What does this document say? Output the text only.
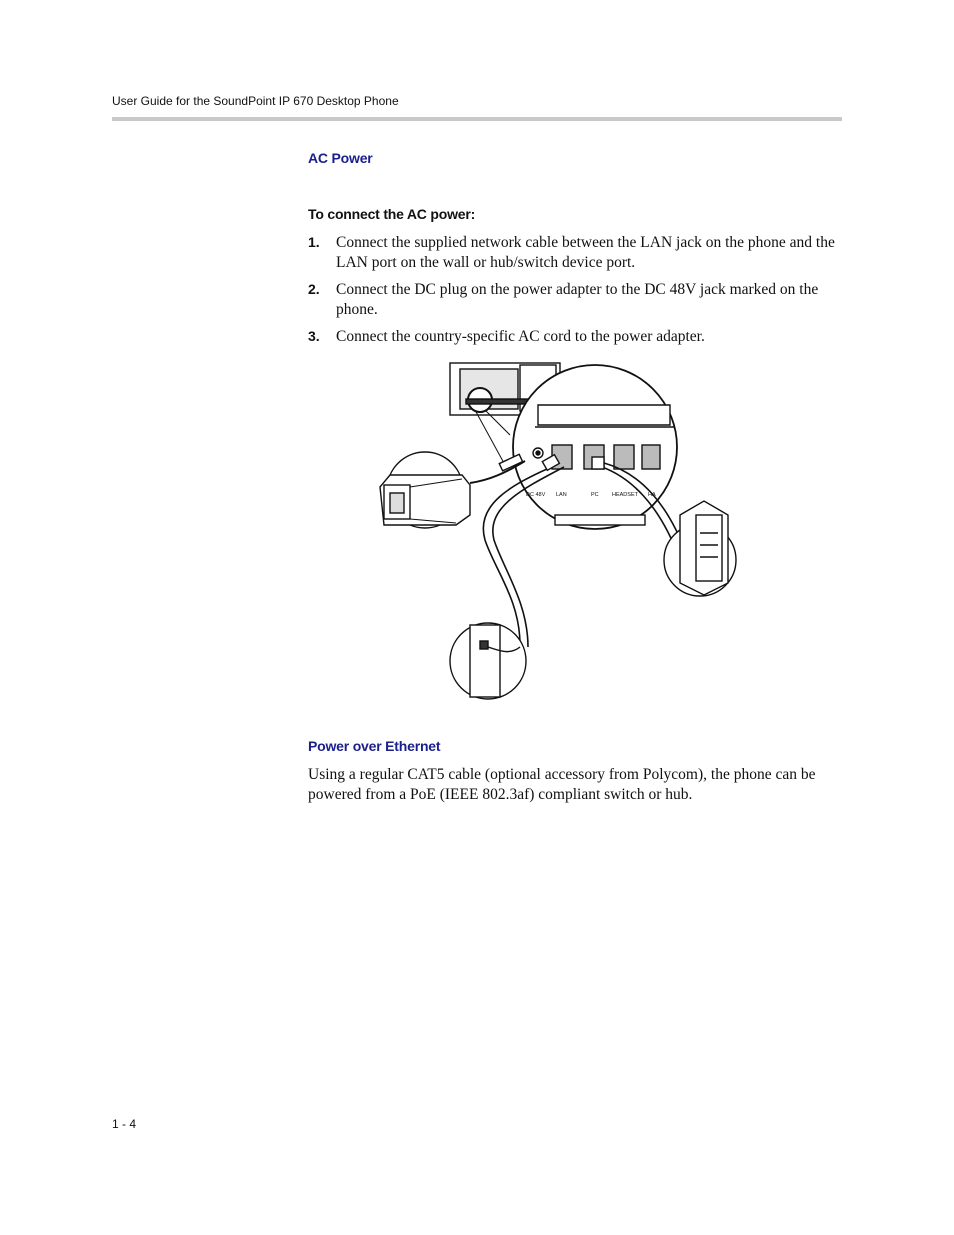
User Guide for the SoundPoint IP 670 Desktop Phone
AC Power
To connect the AC power:
1. Connect the supplied network cable between the LAN jack on the phone and the LAN port on the wall or hub/switch device port.
2. Connect the DC plug on the power adapter to the DC 48V jack marked on the phone.
3. Connect the country-specific AC cord to the power adapter.
DC 48V LAN	PC HEADSET HA
Power over Ethernet

Using a regular CAT5 cable (optional accessory from Polycom), the phone can be powered from a PoE (IEEE 802.3af) compliant switch or hub.

1 - 4
